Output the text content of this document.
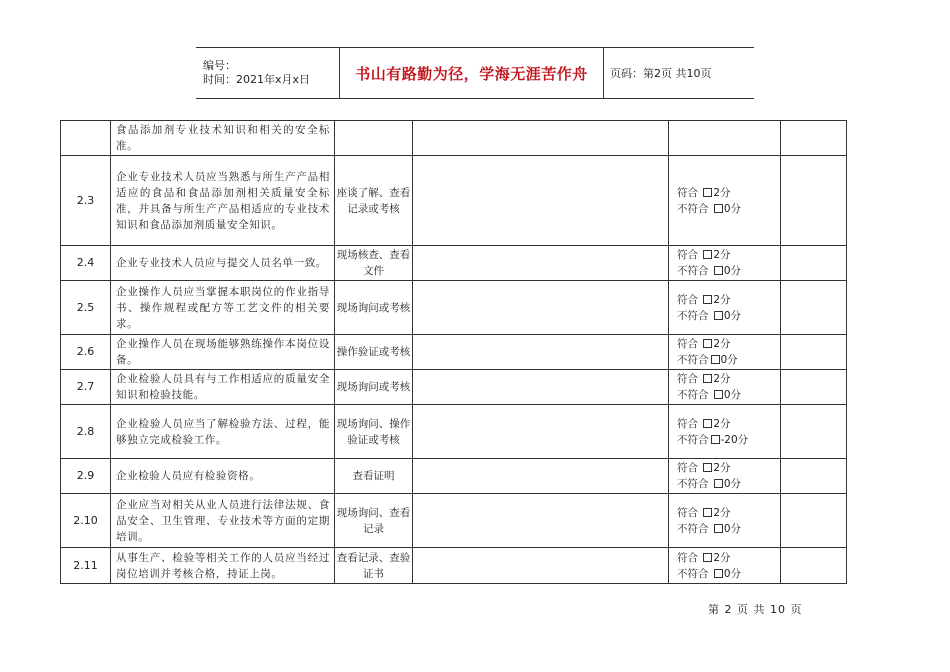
编号：
时间：2021年x月x日	书山有路勤为径，学海无涯苦作舟 页码：第2页 共10页
	食品添加剂专业技术知识和相关的安全标准。				
2.3	企业专业技术人员应当熟悉与所生产产品相适应的食品和食品添加剂相关质量安全标准，并具备与所生产产品相适应的专业技术知识和食品添加剂质量安全知识。	座谈了解、查看记录或考核		符合 2分
不符合 0分	

2.4	企业专业技术人员应与提交人员名单一致。	现场核查、查看文件		符合 2分
不符合 0分	

2.5	企业操作人员应当掌握本职岗位的作业指导书、操作规程或配方等工艺文件的相关要求。	现场询问或考核		符合 2分
不符合 0分	

2.6	企业操作人员在现场能够熟练操作本岗位设备。	操作验证或考核		符合 2分
不符合 0分	

2.7	企业检验人员具有与工作相适应的质量安全知识和检验技能。	现场询问或考核		符合 2分
不符合 0分	

2.8	企业检验人员应当了解检验方法、过程，能够独立完成检验工作。	现场询问、操作验证或考核		符合 2分
不符合 -20分	

2.9	企业检验人员应有检验资格。	查看证明		符合 2分
不符合 0分	

2.10	企业应当对相关从业人员进行法律法规、食品安全、卫生管理、专业技术等方面的定期培训。	现场询问、查看记录		符合 2分
不符合 0分	

2.11	从事生产、检验等相关工作的人员应当经过岗位培训并考核合格，持证上岗。	查看记录、查验证书		符合 2分
不符合 0分	

第 2 页 共 10 页
